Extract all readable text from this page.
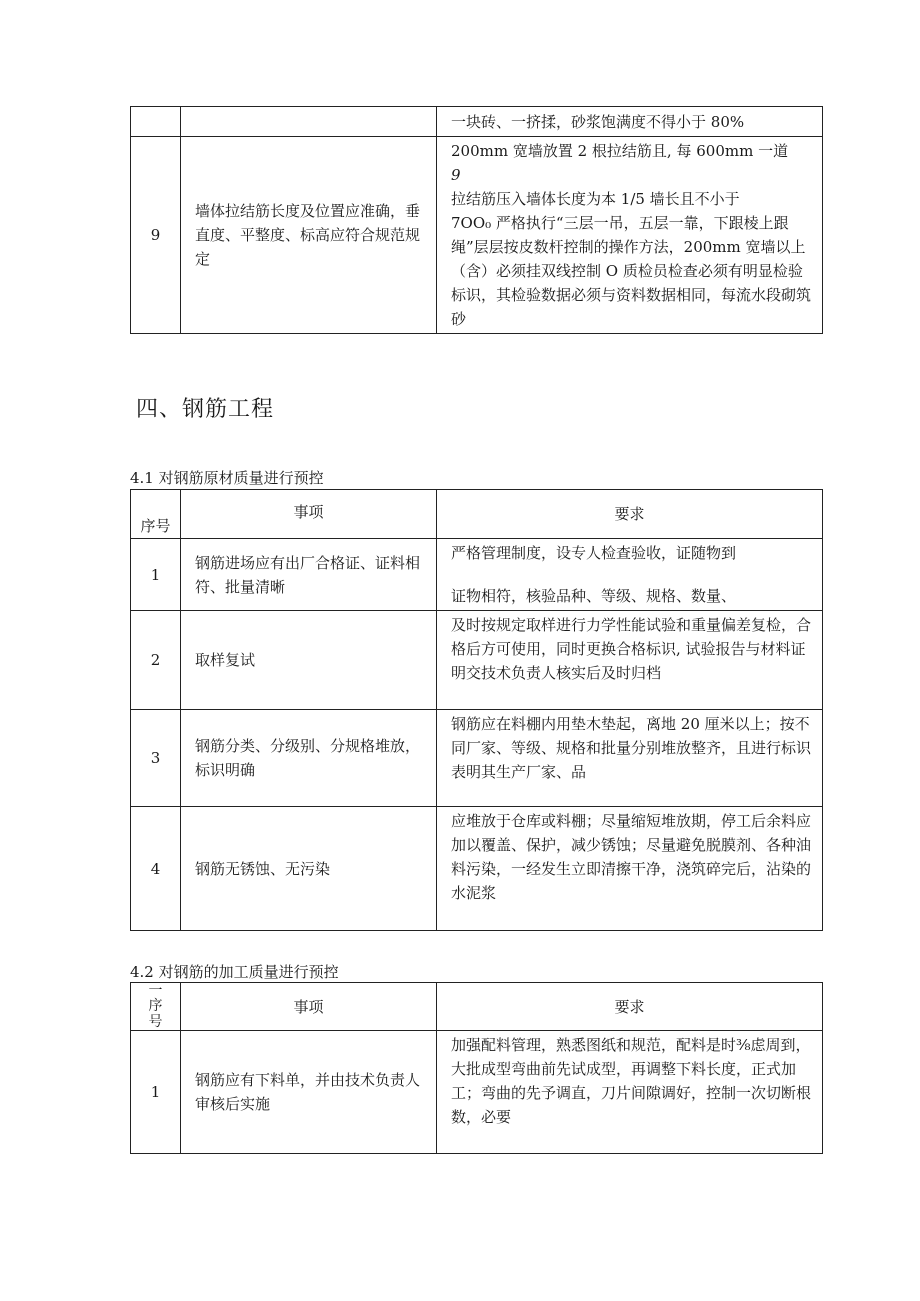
		一块砖、一挤揉，砂浆饱满度不得小于 80%

9	墙体拉结筋长度及位置应准确，垂直度、平整度、标高应符合规范规定	200mm 宽墙放置 2 根拉结筋且, 每 600mm 一道

9

拉结筋压入墙体长度为本 1/5 墙长且不小于

7OO₀ 严格执行“三层一吊，五层一靠，下跟棱上跟绳”层层按皮数杆控制的操作方法，200mm 宽墙以上（含）必须挂双线控制 O 质检员检查必须有明显检验标识，其检验数据必须与资料数据相同，每流水段砌筑砂

四、钢筋工程
4.1 对钢筋原材质量进行预控
序号	事项	要求
1	钢筋进场应有出厂合格证、证料相符、批量清晰	严格管理制度，设专人检查验收，证随物到

证物相符，核验品种、等级、规格、数量、

2	取样复试	及时按规定取样进行力学性能试验和重量偏差复检，合格后方可使用，同时更换合格标识, 试验报告与材料证明交技术负责人核实后及时归档

3	钢筋分类、分级别、分规格堆放，标识明确	钢筋应在料棚内用垫木垫起，离地 20 厘米以上；按不同厂家、等级、规格和批量分别堆放整齐，且进行标识表明其生产厂家、品

4	钢筋无锈蚀、无污染	应堆放于仓库或料棚；尽量缩短堆放期，停工后余料应加以覆盖、保护，减少锈蚀；尽量避免脱膜剂、各种油料污染，一经发生立即清擦干净，浇筑碎完后，沾染的水泥浆

4.2 对钢筋的加工质量进行预控
一
序号	事项	要求
1	钢筋应有下料单，并由技术负责人审核后实施	加强配料管理，熟悉图纸和规范，配料是时⅜虑周到，大批成型弯曲前先试成型，再调整下料长度，正式加工；弯曲的先予调直，刀片间隙调好，控制一次切断根数，必要
